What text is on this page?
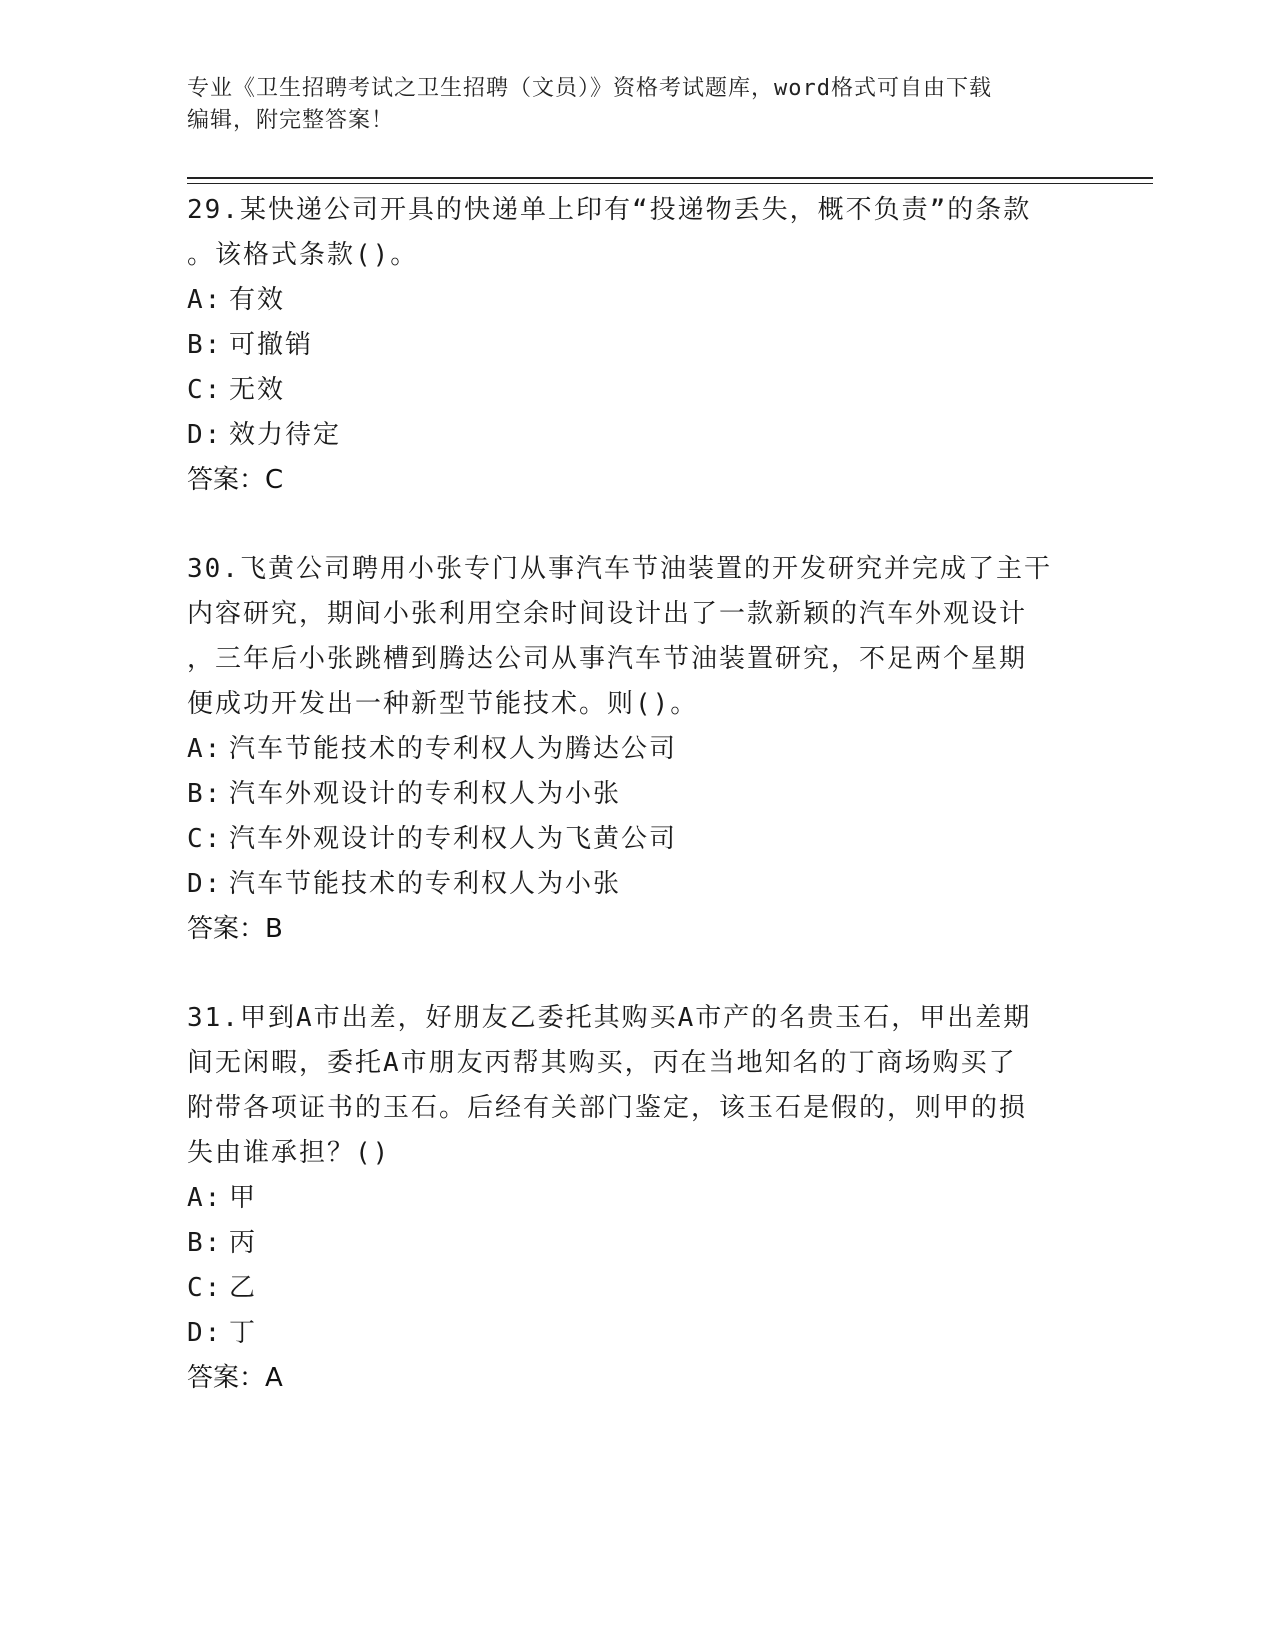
专业《卫生招聘考试之卫生招聘（文员）》资格考试题库，word格式可自由下载

编辑，附完整答案！

29.某快递公司开具的快递单上印有“投递物丢失，概不负责”的条款

。该格式条款()。

A: 有效

B: 可撤销

C: 无效

D: 效力待定

答案：C

30.飞黄公司聘用小张专门从事汽车节油装置的开发研究并完成了主干

内容研究，期间小张利用空余时间设计出了一款新颖的汽车外观设计

，三年后小张跳槽到腾达公司从事汽车节油装置研究，不足两个星期

便成功开发出一种新型节能技术。则()。

A: 汽车节能技术的专利权人为腾达公司

B: 汽车外观设计的专利权人为小张

C: 汽车外观设计的专利权人为飞黄公司

D: 汽车节能技术的专利权人为小张

答案：B

31.甲到A市出差，好朋友乙委托其购买A市产的名贵玉石，甲出差期

间无闲暇，委托A市朋友丙帮其购买，丙在当地知名的丁商场购买了

附带各项证书的玉石。后经有关部门鉴定，该玉石是假的，则甲的损

失由谁承担？()

A: 甲

B: 丙

C: 乙

D: 丁

答案：A
